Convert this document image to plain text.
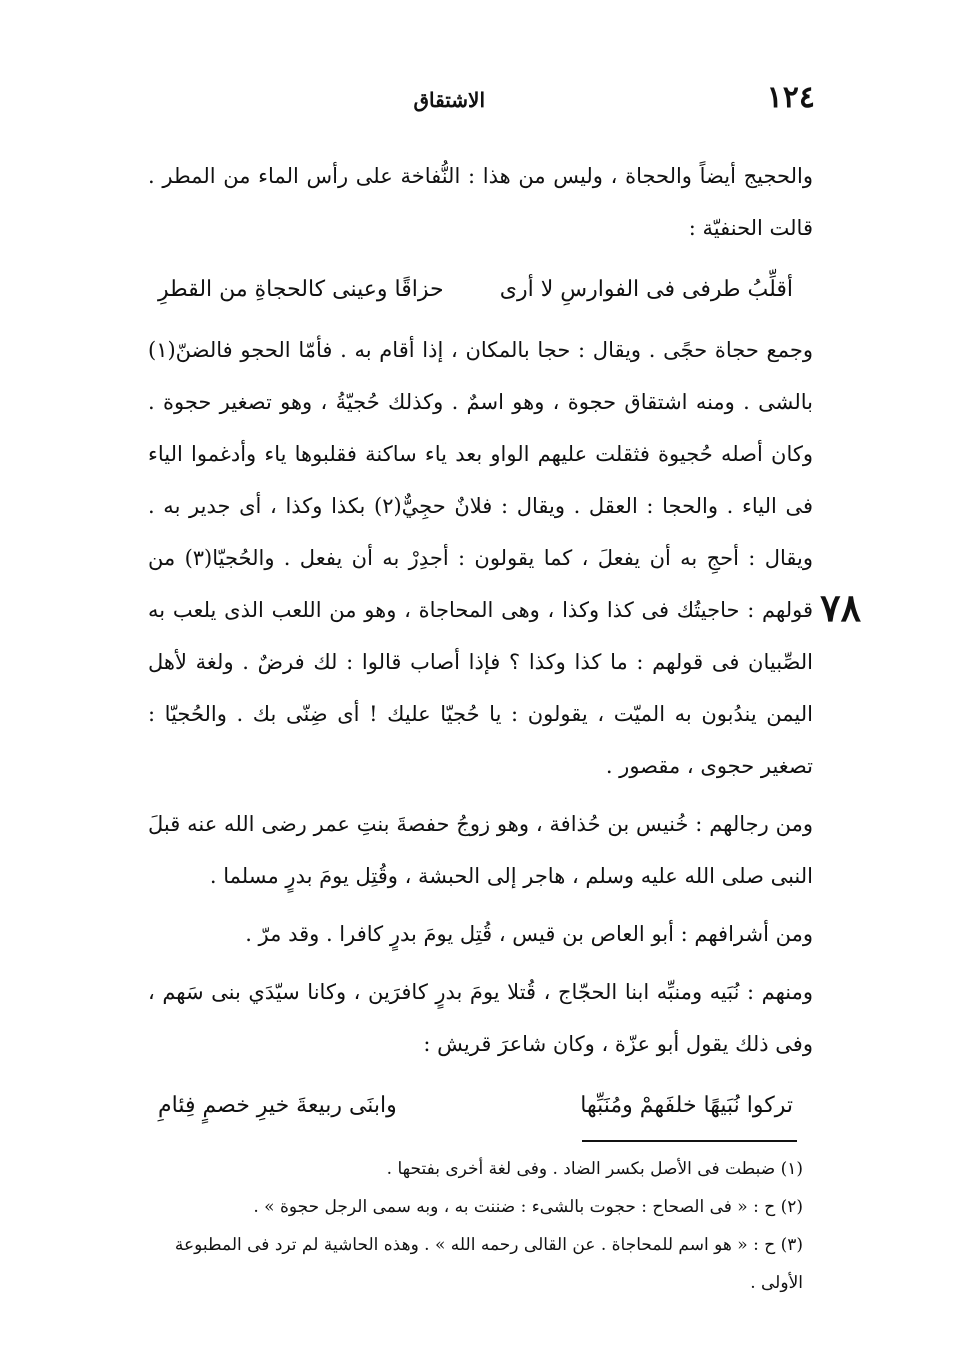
١٢٤
الاشتقاق
٧٨

والحجيج أيضاً والحجاة ، وليس من هذا : النُّفاخة على رأس الماء من المطر . قالت الحنفيّة :

أقلِّبُ طرفى فى الفوارسِ لا أرى
حزاقًا وعينى كالحجاةِ من القطرِ

وجمع حجاة حجًى . ويقال : حجا بالمكان ، إذا أقام به . فأمّا الحجو فالضنّ(١) بالشى . ومنه اشتقاق حجوة ، وهو اسمٌ . وكذلك حُجيّةُ ، وهو تصغير حجوة . وكان أصله حُجيوة فثقلت عليهم الواو بعد ياء ساكنة فقلبوها ياء وأدغموا الياء فى الياء . والحجا : العقل . ويقال : فلانٌ حجِيٌّ(٢) بكذا وكذا ، أى جدير به . ويقال : أحجِ به أن يفعلَ ، كما يقولون : أجدِرْ به أن يفعل . والحُجيّا(٣) من قولهم : حاجيتُك فى كذا وكذا ، وهى المحاجاة ، وهو من اللعب الذى يلعب به الصِّبيان فى قولهم : ما كذا وكذا ؟ فإذا أصاب قالوا : لك فرضٌ . ولغة لأهل اليمن يندُبون به الميّت ، يقولون : يا حُجيّا عليك ! أى ضِنّى بك . والحُجيّا : تصغير حجوى ، مقصور .

ومن رجالهم : خُنيس بن حُذافة ، وهو زوجُ حفصةَ بنتِ عمر رضى الله عنه قبلَ النبى صلى الله عليه وسلم ، هاجر إلى الحبشة ، وقُتِل يومَ بدرٍ مسلما .

ومن أشرافهم : أبو العاص بن قيس ، قُتِل يومَ بدرٍ كافرا . وقد مرّ .

ومنهم : نُبَيه ومنبِّه ابنا الحجّاج ، قُتلا يومَ بدرٍ كافرَين ، وكانا سيّدَي بنى سَهم ، وفى ذلك يقول أبو عزّة ، وكان شاعرَ قريش :

تركوا نُبَيهًا خلفَهمْ ومُنَبِّها
وابنَى ربيعةَ خيرِ خصمٍ فِئامِ

(١) ضبطت فى الأصل بكسر الضاد . وفى لغة أخرى بفتحها .

(٢) ح : « فى الصحاح : حجوت بالشىء : ضننت به ، وبه سمى الرجل حجوة » .

(٣) ح : « هو اسم للمحاجاة . عن القالى رحمه الله » . وهذه الحاشية لم ترد فى المطبوعة الأولى .
